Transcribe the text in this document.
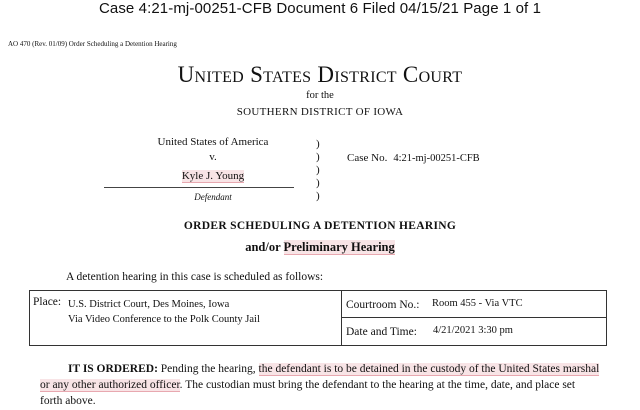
Case 4:21-mj-00251-CFB Document 6 Filed 04/15/21 Page 1 of 1
AO 470 (Rev. 01/09) Order Scheduling a Detention Hearing
United States District Court
for the
SOUTHERN DISTRICT OF IOWA
United States of America
v.
Kyle J. Young
Defendant
)
)
)
)
)
Case No. 4:21-mj-00251-CFB
ORDER SCHEDULING A DETENTION HEARING
and/or Preliminary Hearing
A detention hearing in this case is scheduled as follows:
Place: U.S. District Court, Des Moines, Iowa
Via Video Conference to the Polk County Jail
Courtroom No.: Room 455 - Via VTC
Date and Time: 4/21/2021 3:30 pm
IT IS ORDERED: Pending the hearing, the defendant is to be detained in the custody of the United States marshal or any other authorized officer. The custodian must bring the defendant to the hearing at the time, date, and place set forth above.
